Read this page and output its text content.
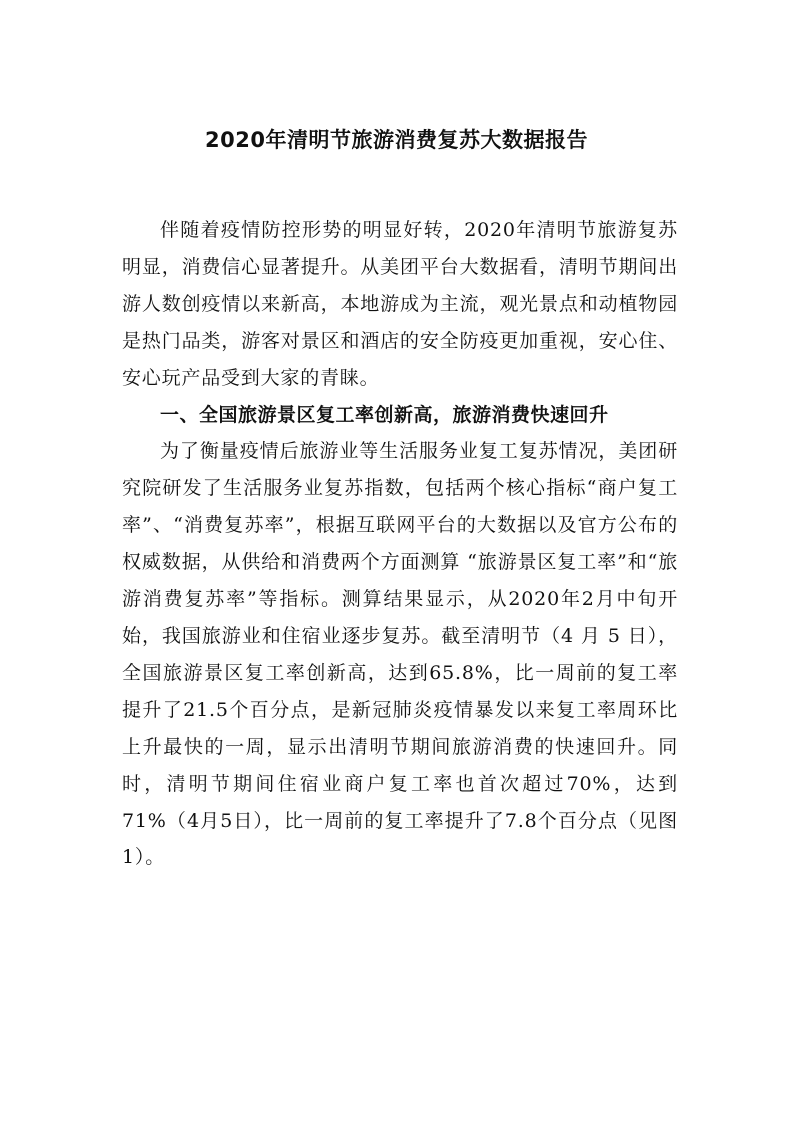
2020年清明节旅游消费复苏大数据报告

伴随着疫情防控形势的明显好转，2020年清明节旅游复苏明显，消费信心显著提升。从美团平台大数据看，清明节期间出游人数创疫情以来新高，本地游成为主流，观光景点和动植物园是热门品类，游客对景区和酒店的安全防疫更加重视，安心住、安心玩产品受到大家的青睐。

一、全国旅游景区复工率创新高，旅游消费快速回升

为了衡量疫情后旅游业等生活服务业复工复苏情况，美团研究院研发了生活服务业复苏指数，包括两个核心指标“商户复工率”、“消费复苏率”，根据互联网平台的大数据以及官方公布的权威数据，从供给和消费两个方面测算 “旅游景区复工率”和“旅游消费复苏率”等指标。测算结果显示，从2020年2月中旬开始，我国旅游业和住宿业逐步复苏。截至清明节（4 月 5 日），全国旅游景区复工率创新高，达到65.8%，比一周前的复工率提升了21.5个百分点，是新冠肺炎疫情暴发以来复工率周环比上升最快的一周，显示出清明节期间旅游消费的快速回升。同时，清明节期间住宿业商户复工率也首次超过70%，达到71%（4月5日），比一周前的复工率提升了7.8个百分点（见图1）。
